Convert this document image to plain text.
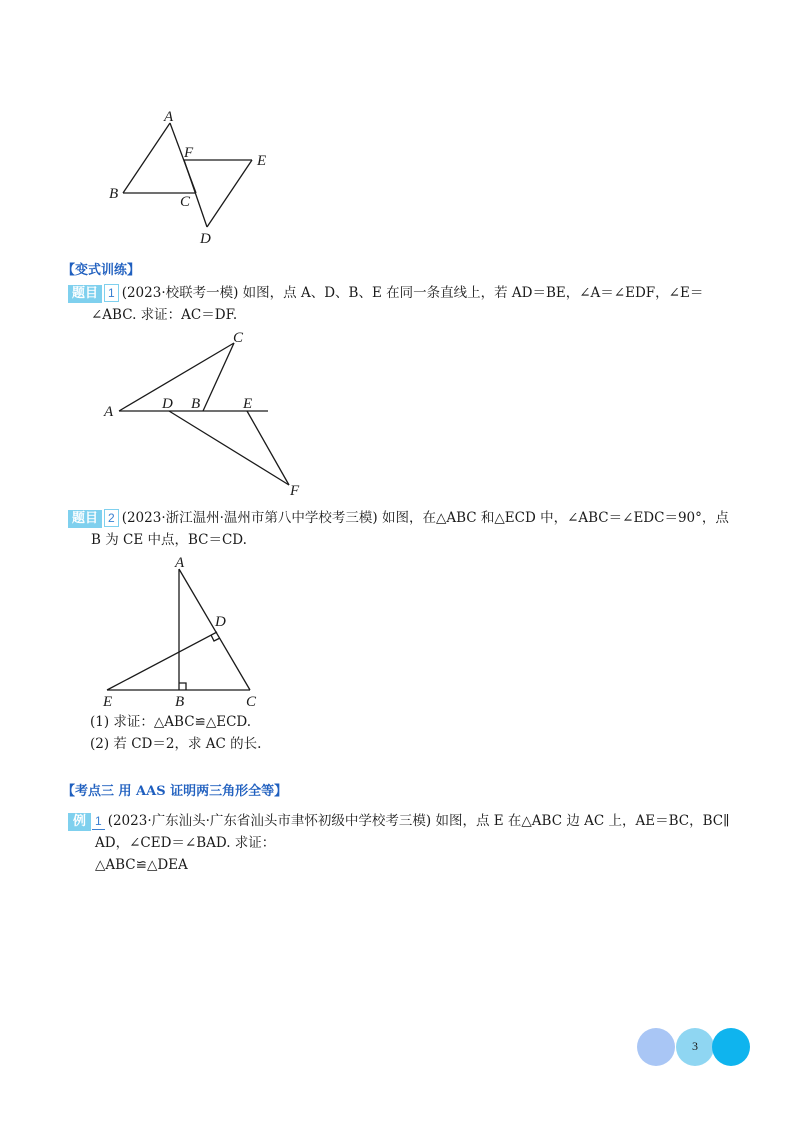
A
B	C
D
E
F
【变式训练】
题目 1 (2023·校联考一模) 如图，点 A、D、B、E 在同一条直线上，若 AD＝BE，∠A＝∠EDF，∠E＝
∠ABC. 求证：AC＝DF.
A	D B	E
C
F
题目 2 (2023·浙江温州·温州市第八中学校考三模) 如图，在△ABC 和△ECD 中，∠ABC＝∠EDC＝90°，点
B 为 CE 中点，BC＝CD.
A
D
E	B	C
(1) 求证：△ABC≌△ECD.
(2) 若 CD＝2，求 AC 的长.
【考点三 用 AAS 证明两三角形全等】
例 1 (2023·广东汕头·广东省汕头市聿怀初级中学校考三模) 如图，点 E 在△ABC 边 AC 上，AE＝BC，BC∥
AD，∠CED＝∠BAD. 求证：
△ABC≌△DEA
3
